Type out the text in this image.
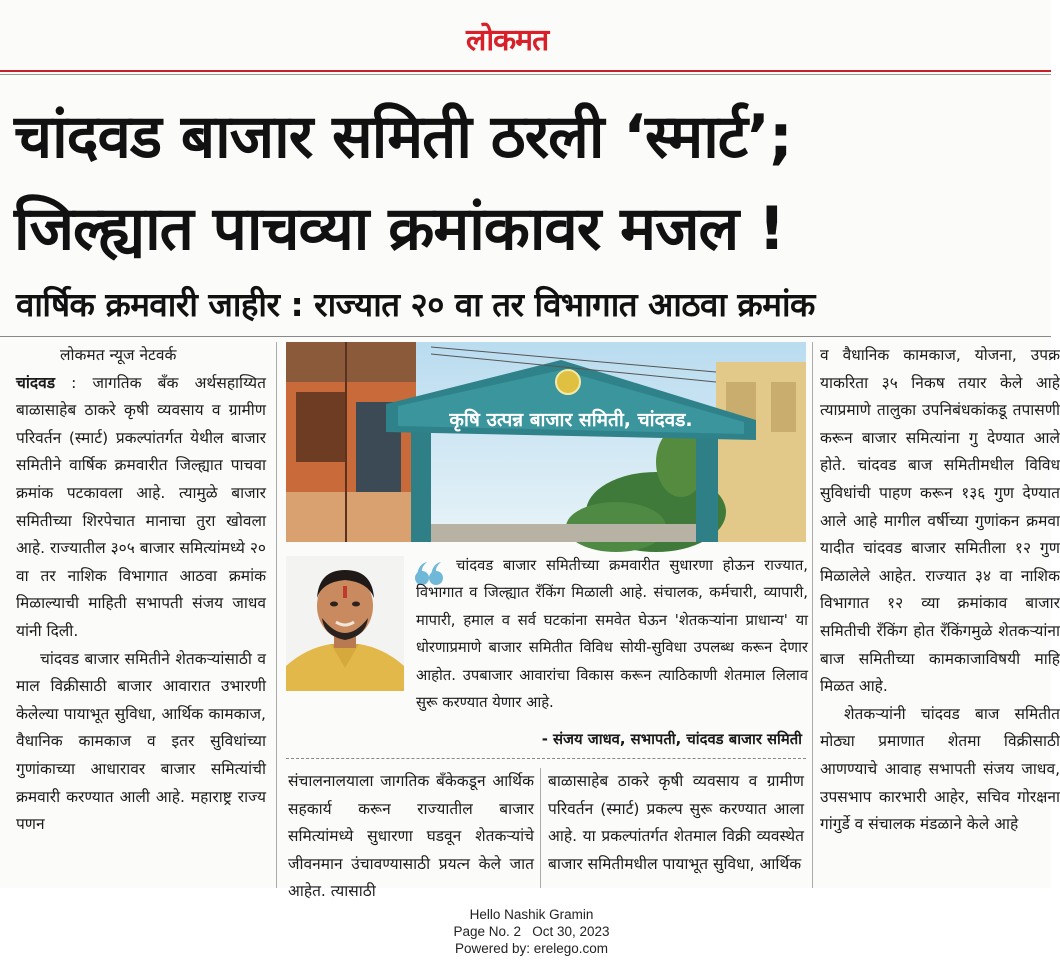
लोकमत
चांदवड बाजार समिती ठरली ‘स्मार्ट’;
जिल्ह्यात पाचव्या क्रमांकावर मजल !
वार्षिक क्रमवारी जाहीर : राज्यात २० वा तर विभागात आठवा क्रमांक

लोकमत न्यूज नेटवर्क

चांदवड : जागतिक बँक अर्थसहाय्यित बाळासाहेब ठाकरे कृषी व्यवसाय व ग्रामीण परिवर्तन (स्मार्ट) प्रकल्पांतर्गत येथील बाजार समितीने वार्षिक क्रमवारीत जिल्ह्यात पाचवा क्रमांक पटकावला आहे. त्यामुळे बाजार समितीच्या शिरपेचात मानाचा तुरा खोवला आहे. राज्यातील ३०५ बाजार समित्यांमध्ये २० वा तर नाशिक विभागात आठवा क्रमांक मिळाल्याची माहिती सभापती संजय जाधव यांनी दिली.

चांदवड बाजार समितीने शेतकऱ्यांसाठी व माल विक्रीसाठी बाजार आवारात उभारणी केलेल्या पायाभूत सुविधा, आर्थिक कामकाज, वैधानिक कामकाज व इतर सुविधांच्या गुणांकाच्या आधारावर बाजार समित्यांची क्रमवारी करण्यात आली आहे. महाराष्ट्र राज्य पणन

कृषि उत्पन्न बाजार समिती, चांदवड.
चांदवड बाजार समितीच्या क्रमवारीत सुधारणा होऊन राज्यात, विभागात व जिल्ह्यात रँकिंग मिळाली आहे. संचालक, कर्मचारी, व्यापारी, मापारी, हमाल व सर्व घटकांना समवेत घेऊन 'शेतकऱ्यांना प्राधान्य' या धोरणाप्रमाणे बाजार समितीत विविध सोयी-सुविधा उपलब्ध करून देणार आहोत. उपबाजार आवारांचा विकास करून त्याठिकाणी शेतमाल लिलाव सुरू करण्यात येणार आहे.
- संजय जाधव, सभापती, चांदवड बाजार समिती

संचालनालयाला जागतिक बँकेकडून आर्थिक सहकार्य करून राज्यातील बाजार समित्यांमध्ये सुधारणा घडवून शेतकऱ्यांचे जीवनमान उंचावण्यासाठी प्रयत्न केले जात आहेत. त्यासाठी

बाळासाहेब ठाकरे कृषी व्यवसाय व ग्रामीण परिवर्तन (स्मार्ट) प्रकल्प सुरू करण्यात आला आहे. या प्रकल्पांतर्गत शेतमाल विक्री व्यवस्थेत बाजार समितीमधील पायाभूत सुविधा, आर्थिक

व वैधानिक कामकाज, योजना, उपक्र याकरिता ३५ निकष तयार केले आहे त्याप्रमाणे तालुका उपनिबंधकांकडू तपासणी करून बाजार समित्यांना गु देण्यात आले होते. चांदवड बाज समितीमधील विविध सुविधांची पाहण करून १३६ गुण देण्यात आले आहे मागील वर्षीच्या गुणांकन क्रमवा यादीत चांदवड बाजार समितीला १२ गुण मिळालेले आहेत. राज्यात ३४ वा नाशिक विभागात १२ व्या क्रमांकाव बाजार समितीची रँकिंग होत रँकिंगमुळे शेतकऱ्यांना बाज समितीच्या कामकाजाविषयी माहि मिळत आहे.

शेतकऱ्यांनी चांदवड बाज समितीत मोठ्या प्रमाणात शेतमा विक्रीसाठी आणण्याचे आवाह सभापती संजय जाधव, उपसभाप कारभारी आहेर, सचिव गोरक्षना गांगुर्डे व संचालक मंडळाने केले आहे

Hello Nashik Gramin
Page No. 2 Oct 30, 2023
Powered by: erelego.com
